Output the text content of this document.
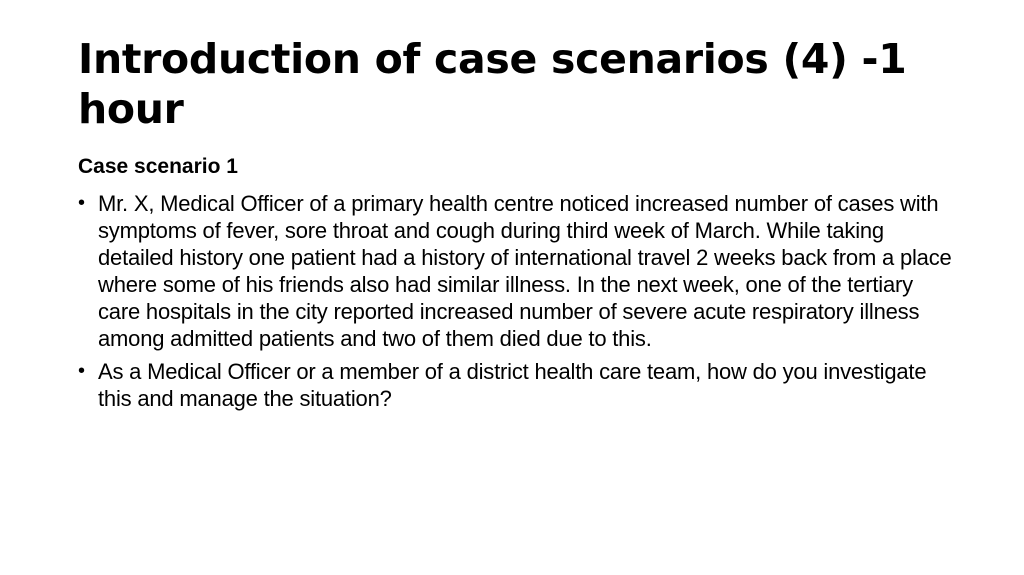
Introduction of case scenarios (4) -1 hour
Case scenario 1
• Mr. X, Medical Officer of a primary health centre noticed increased number of cases with symptoms of fever, sore throat and cough during third week of March. While taking detailed history one patient had a history of international travel 2 weeks back from a place where some of his friends also had similar illness. In the next week, one of the tertiary care hospitals in the city reported increased number of severe acute respiratory illness among admitted patients and two of them died due to this.
• As a Medical Officer or a member of a district health care team, how do you investigate this and manage the situation?
